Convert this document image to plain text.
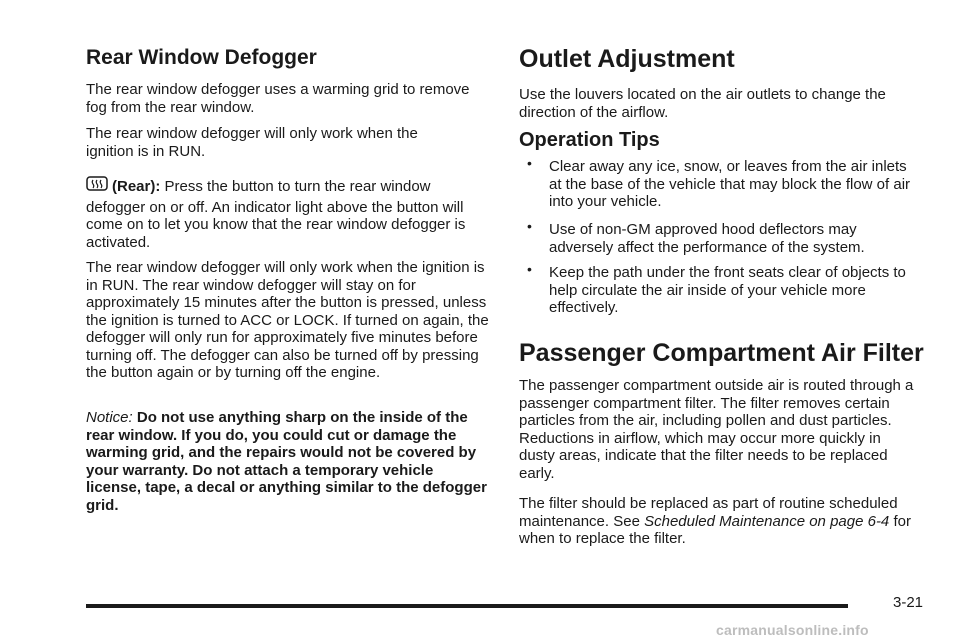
Rear Window Defogger

The rear window defogger uses a warming grid to remove fog from the rear window.

The rear window defogger will only work when the ignition is in RUN.

(Rear): Press the button to turn the rear window defogger on or off. An indicator light above the button will come on to let you know that the rear window defogger is activated.

The rear window defogger will only work when the ignition is in RUN. The rear window defogger will stay on for approximately 15 minutes after the button is pressed, unless the ignition is turned to ACC or LOCK. If turned on again, the defogger will only run for approximately five minutes before turning off. The defogger can also be turned off by pressing the button again or by turning off the engine.

Notice: Do not use anything sharp on the inside of the rear window. If you do, you could cut or damage the warming grid, and the repairs would not be covered by your warranty. Do not attach a temporary vehicle license, tape, a decal or anything similar to the defogger grid.

Outlet Adjustment

Use the louvers located on the air outlets to change the direction of the airflow.

Operation Tips
• Clear away any ice, snow, or leaves from the air inlets at the base of the vehicle that may block the flow of air into your vehicle.

• Use of non-GM approved hood deflectors may adversely affect the performance of the system.

• Keep the path under the front seats clear of objects to help circulate the air inside of your vehicle more effectively.

Passenger Compartment Air Filter

The passenger compartment outside air is routed through a passenger compartment filter. The filter removes certain particles from the air, including pollen and dust particles. Reductions in airflow, which may occur more quickly in dusty areas, indicate that the filter needs to be replaced early.

The filter should be replaced as part of routine scheduled maintenance. See Scheduled Maintenance on page 6-4 for when to replace the filter.

3-21
carmanualsonline.info
